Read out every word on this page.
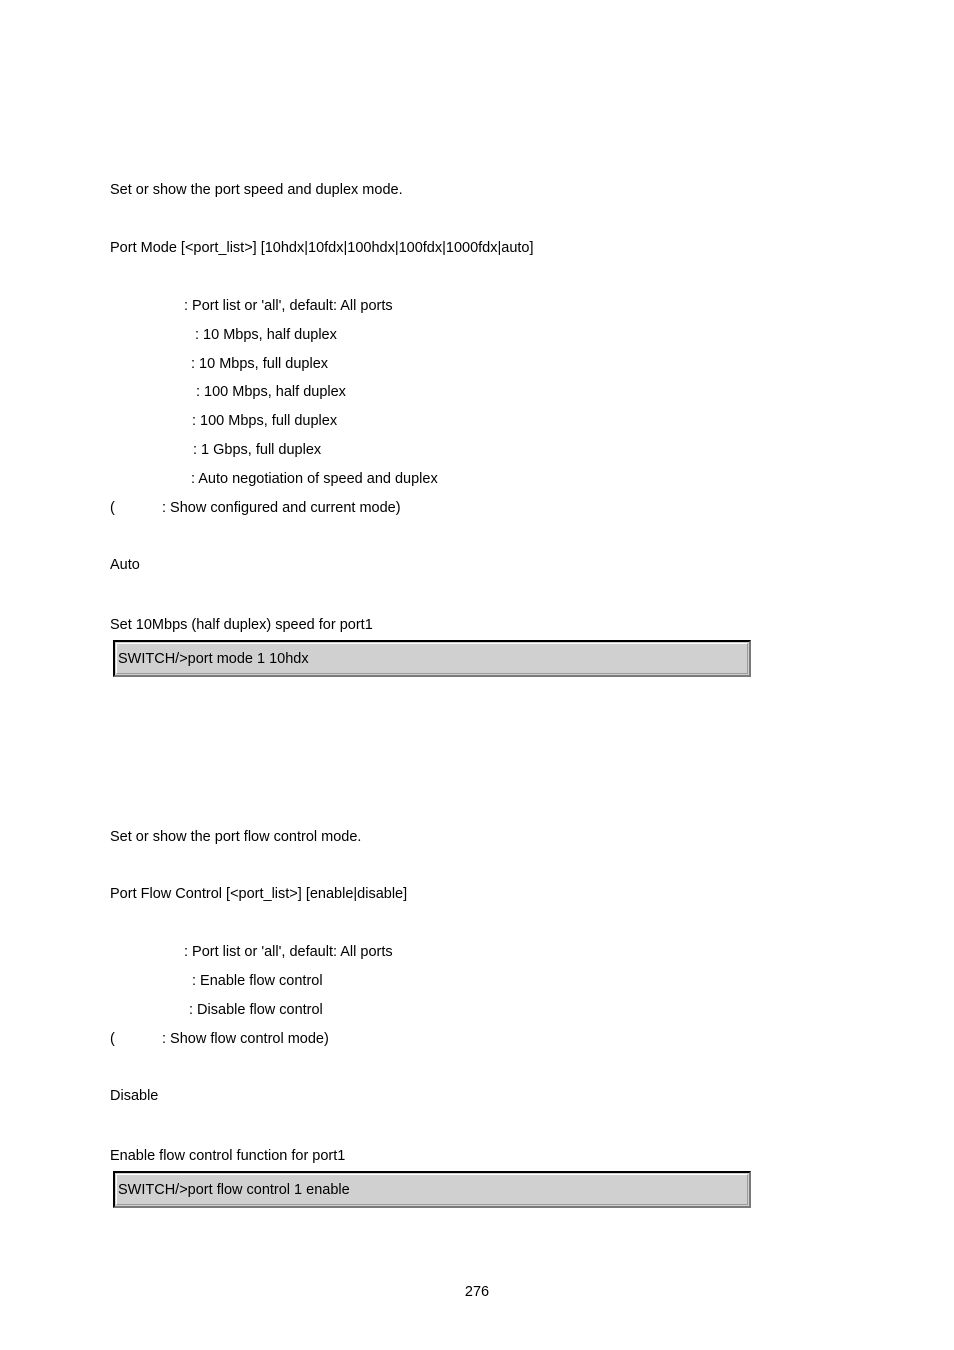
Set or show the port speed and duplex mode.
Port Mode [<port_list>] [10hdx|10fdx|100hdx|100fdx|1000fdx|auto]
: Port list or 'all', default: All ports
: 10 Mbps, half duplex
: 10 Mbps, full duplex
: 100 Mbps, half duplex
: 100 Mbps, full duplex
: 1 Gbps, full duplex
: Auto negotiation of speed and duplex
(	: Show configured and current mode)
Auto
Set 10Mbps (half duplex) speed for port1
SWITCH/>port mode 1 10hdx
Set or show the port flow control mode.
Port Flow Control [<port_list>] [enable|disable]
: Port list or 'all', default: All ports
: Enable flow control
: Disable flow control
(	: Show flow control mode)
Disable
Enable flow control function for port1
SWITCH/>port flow control 1 enable
276
